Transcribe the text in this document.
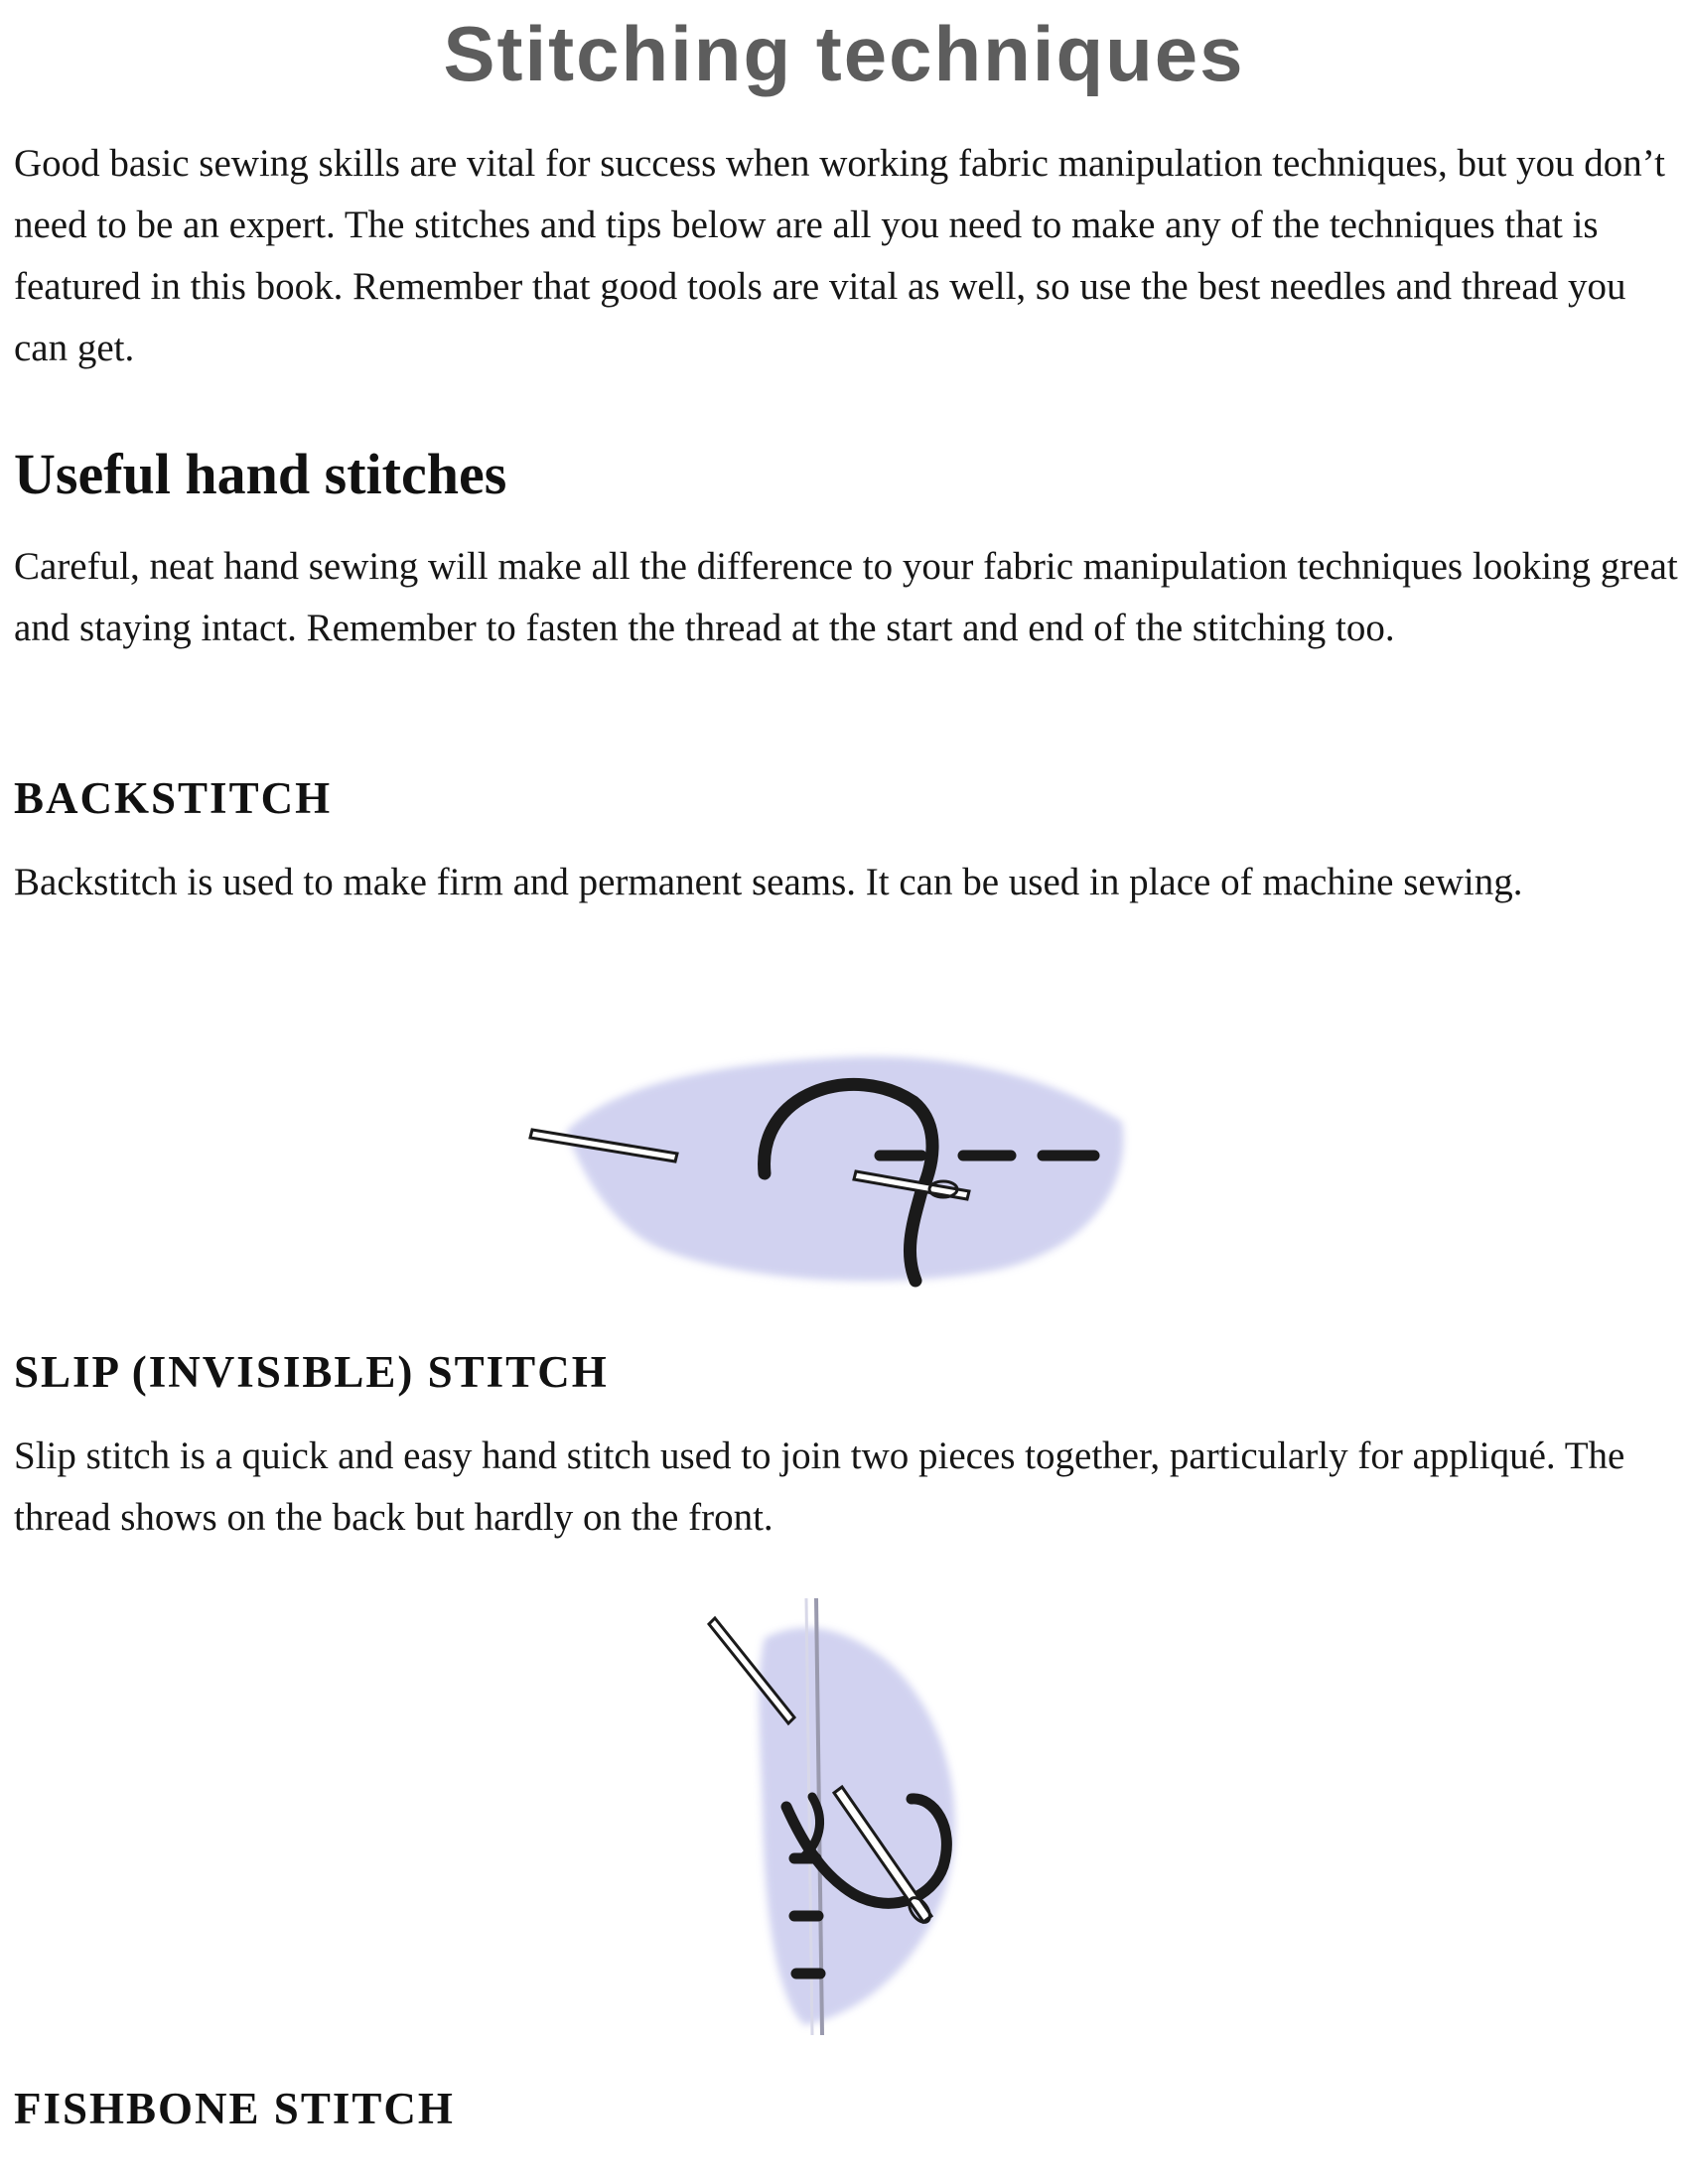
Stitching techniques

Good basic sewing skills are vital for success when working fabric manipulation techniques, but you don’t need to be an expert. The stitches and tips below are all you need to make any of the techniques that is featured in this book. Remember that good tools are vital as well, so use the best needles and thread you can get.

Useful hand stitches

Careful, neat hand sewing will make all the difference to your fabric manipulation techniques looking great and staying intact. Remember to fasten the thread at the start and end of the stitching too.

BACKSTITCH

Backstitch is used to make firm and permanent seams. It can be used in place of machine sewing.

SLIP (INVISIBLE) STITCH

Slip stitch is a quick and easy hand stitch used to join two pieces together, particularly for appliqué. The thread shows on the back but hardly on the front.

FISHBONE STITCH
